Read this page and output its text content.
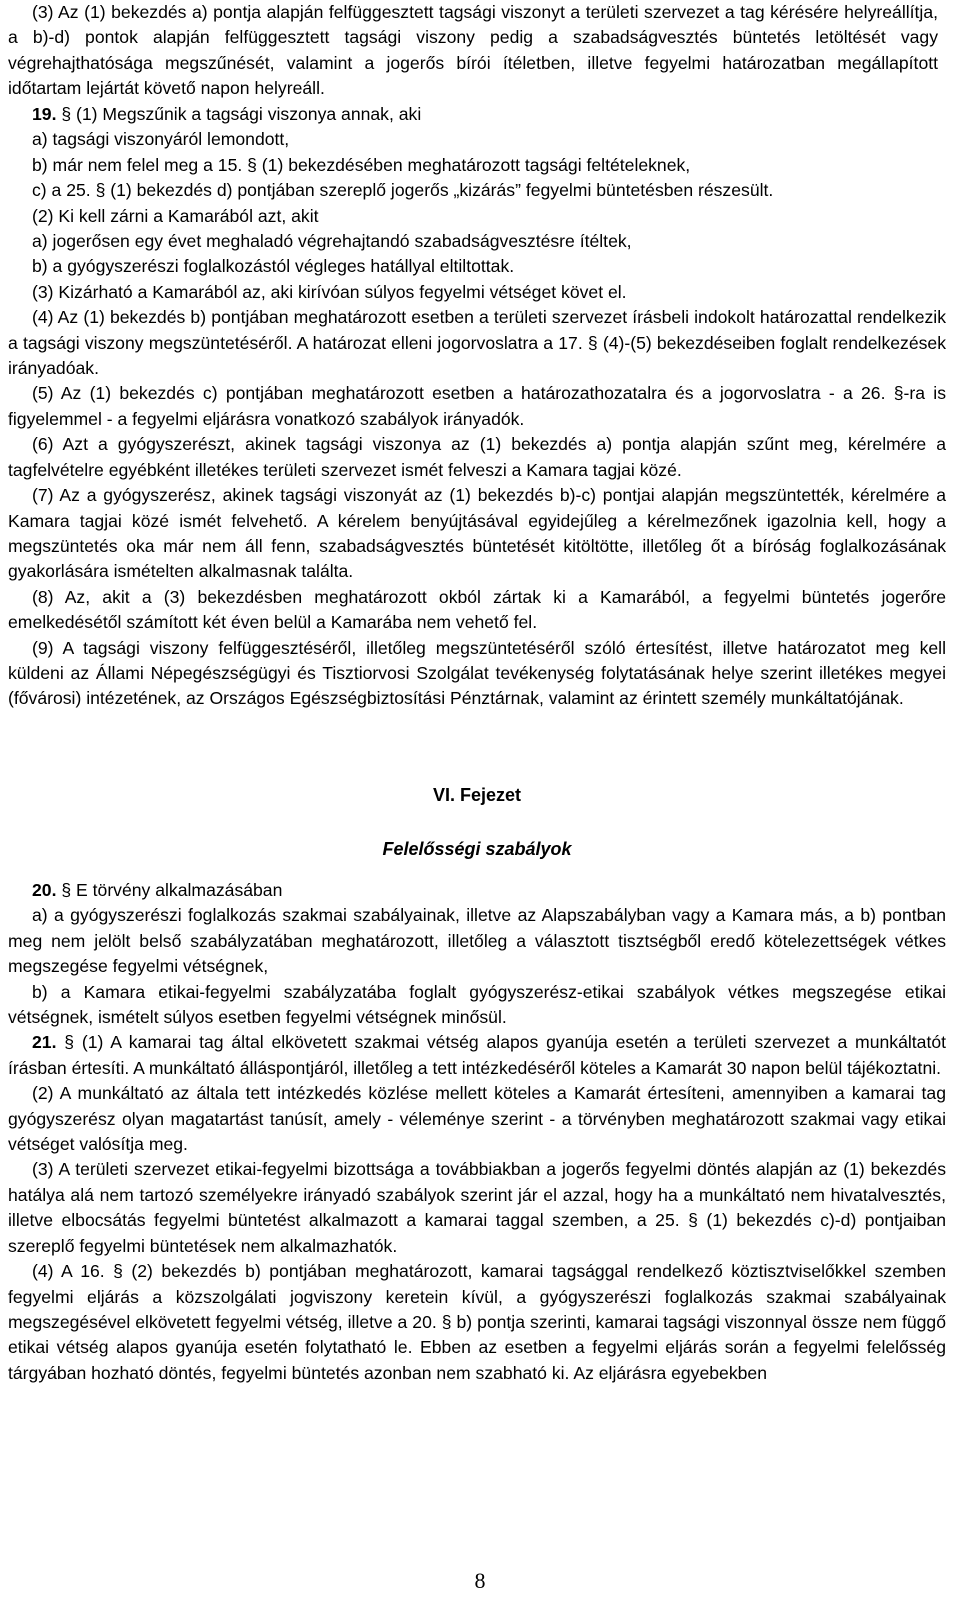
(3) Az (1) bekezdés a) pontja alapján felfüggesztett tagsági viszonyt a területi szervezet a tag kérésére helyreállítja, a b)-d) pontok alapján felfüggesztett tagsági viszony pedig a szabadságvesztés büntetés letöltését vagy végrehajthatósága megszűnését, valamint a jogerős bírói ítéletben, illetve fegyelmi határozatban megállapított időtartam lejártát követő napon helyreáll.

19. § (1) Megszűnik a tagsági viszonya annak, aki

a) tagsági viszonyáról lemondott,

b) már nem felel meg a 15. § (1) bekezdésében meghatározott tagsági feltételeknek,

c) a 25. § (1) bekezdés d) pontjában szereplő jogerős „kizárás” fegyelmi büntetésben részesült.

(2) Ki kell zárni a Kamarából azt, akit

a) jogerősen egy évet meghaladó végrehajtandó szabadságvesztésre ítéltek,

b) a gyógyszerészi foglalkozástól végleges hatállyal eltiltottak.

(3) Kizárható a Kamarából az, aki kirívóan súlyos fegyelmi vétséget követ el.

(4) Az (1) bekezdés b) pontjában meghatározott esetben a területi szervezet írásbeli indokolt határozattal rendelkezik a tagsági viszony megszüntetéséről. A határozat elleni jogorvoslatra a 17. § (4)-(5) bekezdéseiben foglalt rendelkezések irányadóak.

(5) Az (1) bekezdés c) pontjában meghatározott esetben a határozathozatalra és a jogorvoslatra - a 26. §-ra is figyelemmel - a fegyelmi eljárásra vonatkozó szabályok irányadók.

(6) Azt a gyógyszerészt, akinek tagsági viszonya az (1) bekezdés a) pontja alapján szűnt meg, kérelmére a tagfelvételre egyébként illetékes területi szervezet ismét felveszi a Kamara tagjai közé.

(7) Az a gyógyszerész, akinek tagsági viszonyát az (1) bekezdés b)-c) pontjai alapján megszüntették, kérelmére a Kamara tagjai közé ismét felvehető. A kérelem benyújtásával egyidejűleg a kérelmezőnek igazolnia kell, hogy a megszüntetés oka már nem áll fenn, szabadságvesztés büntetését kitöltötte, illetőleg őt a bíróság foglalkozásának gyakorlására ismételten alkalmasnak találta.

(8) Az, akit a (3) bekezdésben meghatározott okból zártak ki a Kamarából, a fegyelmi büntetés jogerőre emelkedésétől számított két éven belül a Kamarába nem vehető fel.

(9) A tagsági viszony felfüggesztéséről, illetőleg megszüntetéséről szóló értesítést, illetve határozatot meg kell küldeni az Állami Népegészségügyi és Tisztiorvosi Szolgálat tevékenység folytatásának helye szerint illetékes megyei (fővárosi) intézetének, az Országos Egészségbiztosítási Pénztárnak, valamint az érintett személy munkáltatójának.

VI. Fejezet

Felelősségi szabályok

20. § E törvény alkalmazásában

a) a gyógyszerészi foglalkozás szakmai szabályainak, illetve az Alapszabályban vagy a Kamara más, a b) pontban meg nem jelölt belső szabályzatában meghatározott, illetőleg a választott tisztségből eredő kötelezettségek vétkes megszegése fegyelmi vétségnek,

b) a Kamara etikai-fegyelmi szabályzatába foglalt gyógyszerész-etikai szabályok vétkes megszegése etikai vétségnek, ismételt súlyos esetben fegyelmi vétségnek minősül.

21. § (1) A kamarai tag által elkövetett szakmai vétség alapos gyanúja esetén a területi szervezet a munkáltatót írásban értesíti. A munkáltató álláspontjáról, illetőleg a tett intézkedéséről köteles a Kamarát 30 napon belül tájékoztatni.

(2) A munkáltató az általa tett intézkedés közlése mellett köteles a Kamarát értesíteni, amennyiben a kamarai tag gyógyszerész olyan magatartást tanúsít, amely - véleménye szerint - a törvényben meghatározott szakmai vagy etikai vétséget valósítja meg.

(3) A területi szervezet etikai-fegyelmi bizottsága a továbbiakban a jogerős fegyelmi döntés alapján az (1) bekezdés hatálya alá nem tartozó személyekre irányadó szabályok szerint jár el azzal, hogy ha a munkáltató nem hivatalvesztés, illetve elbocsátás fegyelmi büntetést alkalmazott a kamarai taggal szemben, a 25. § (1) bekezdés c)-d) pontjaiban szereplő fegyelmi büntetések nem alkalmazhatók.

(4) A 16. § (2) bekezdés b) pontjában meghatározott, kamarai tagsággal rendelkező köztisztviselőkkel szemben fegyelmi eljárás a közszolgálati jogviszony keretein kívül, a gyógyszerészi foglalkozás szakmai szabályainak megszegésével elkövetett fegyelmi vétség, illetve a 20. § b) pontja szerinti, kamarai tagsági viszonnyal össze nem függő etikai vétség alapos gyanúja esetén folytatható le. Ebben az esetben a fegyelmi eljárás során a fegyelmi felelősség tárgyában hozható döntés, fegyelmi büntetés azonban nem szabható ki. Az eljárásra egyebekben

8
